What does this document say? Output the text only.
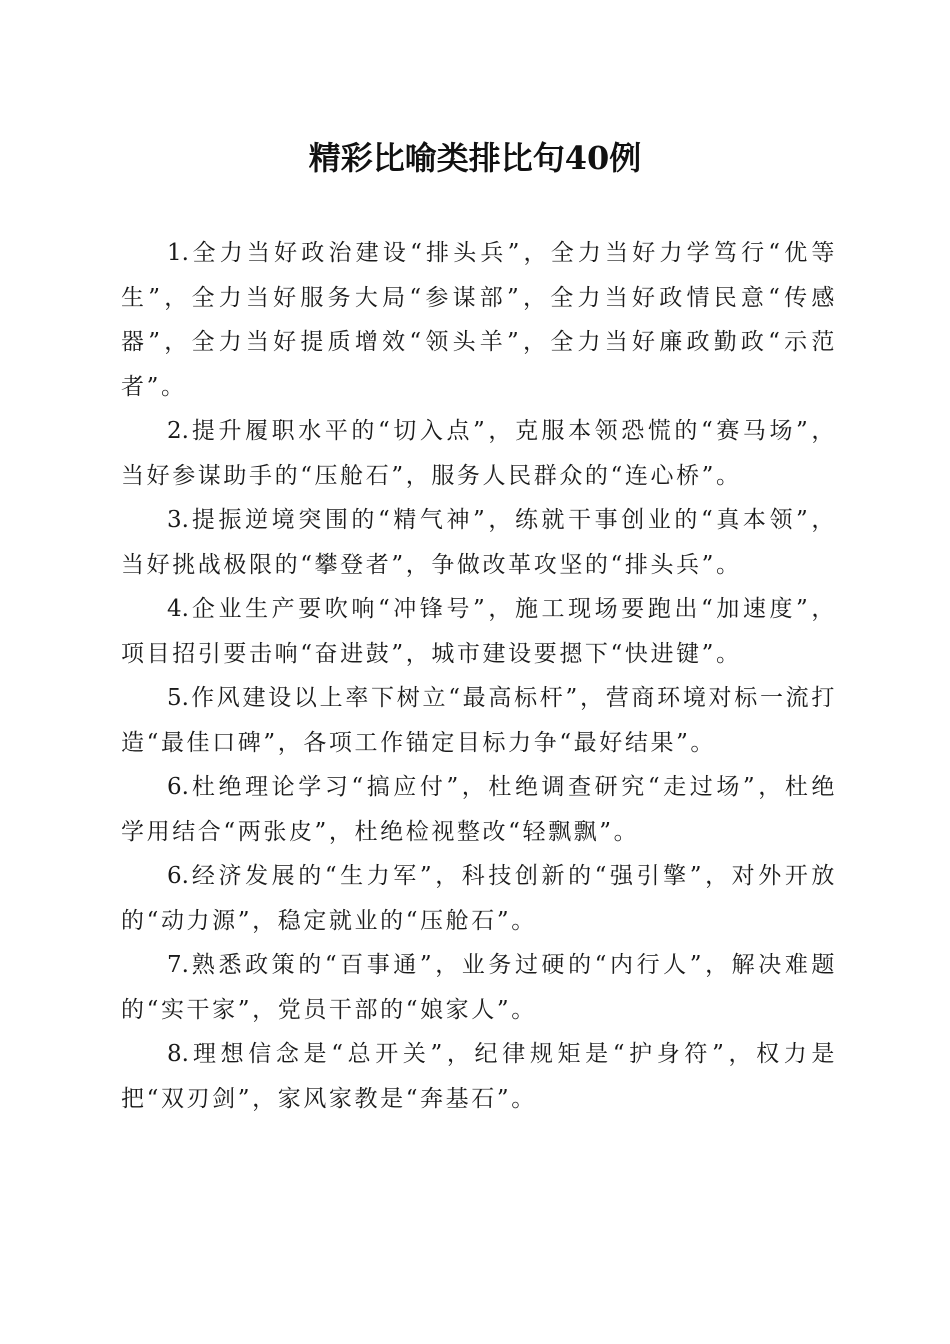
精彩比喻类排比句40例

1.全力当好政治建设“排头兵”，全力当好力学笃行“优等生”，全力当好服务大局“参谋部”，全力当好政情民意“传感器”，全力当好提质增效“领头羊”，全力当好廉政勤政“示范者”。

2.提升履职水平的“切入点”，克服本领恐慌的“赛马场”，当好参谋助手的“压舱石”，服务人民群众的“连心桥”。

3.提振逆境突围的“精气神”，练就干事创业的“真本领”，当好挑战极限的“攀登者”，争做改革攻坚的“排头兵”。

4.企业生产要吹响“冲锋号”，施工现场要跑出“加速度”，项目招引要击响“奋进鼓”，城市建设要摁下“快进键”。

5.作风建设以上率下树立“最高标杆”，营商环境对标一流打造“最佳口碑”，各项工作锚定目标力争“最好结果”。

6.杜绝理论学习“搞应付”，杜绝调查研究“走过场”，杜绝学用结合“两张皮”，杜绝检视整改“轻飘飘”。

6.经济发展的“生力军”，科技创新的“强引擎”，对外开放的“动力源”，稳定就业的“压舱石”。

7.熟悉政策的“百事通”，业务过硬的“内行人”，解决难题的“实干家”，党员干部的“娘家人”。

8.理想信念是“总开关”，纪律规矩是“护身符”，权力是把“双刃剑”，家风家教是“奔基石”。
